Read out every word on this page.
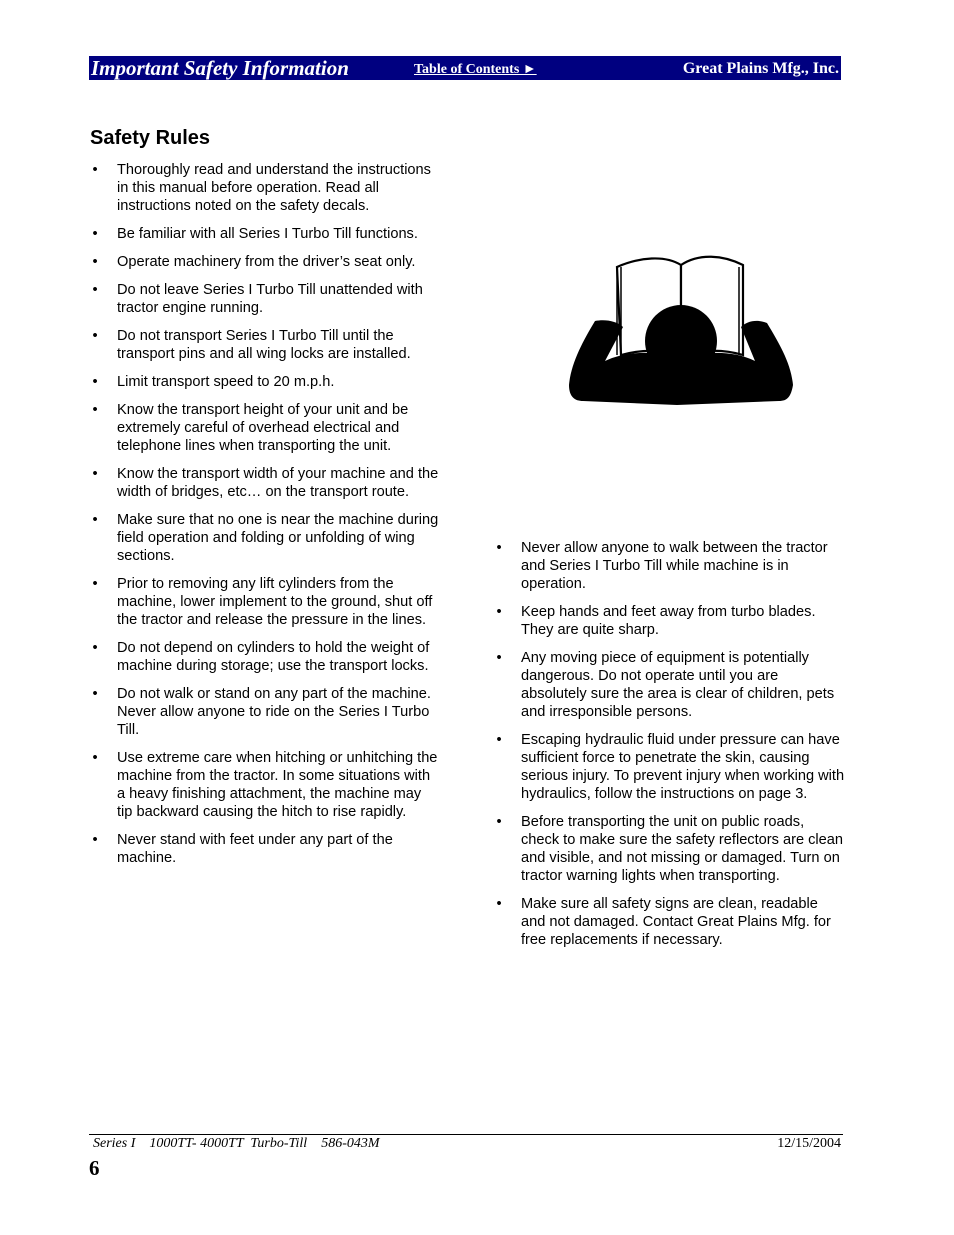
Important Safety Information	Table of Contents ►	Great Plains Mfg., Inc.
Safety Rules
• Thoroughly read and understand the instructions in this manual before operation. Read all instructions noted on the safety decals.
• Be familiar with all Series I Turbo Till functions.
• Operate machinery from the driver’s seat only.
• Do not leave Series I Turbo Till unattended with tractor engine running.
• Do not transport Series I Turbo Till until the transport pins and all wing locks are installed.
• Limit transport speed to 20 m.p.h.
• Know the transport height of your unit and be extremely careful of overhead electrical and telephone lines when transporting the unit.
• Know the transport width of your machine and the width of bridges, etc… on the transport route.
• Make sure that no one is near the machine during field operation and folding or unfolding of wing sections.
• Prior to removing any lift cylinders from the machine, lower implement to the ground, shut off the tractor and release the pressure in the lines.
• Do not depend on cylinders to hold the weight of machine during storage; use the transport locks.
• Do not walk or stand on any part of the machine. Never allow anyone to ride on the Series I Turbo Till.
• Use extreme care when hitching or unhitching the machine from the tractor. In some situations with a heavy finishing attachment, the machine may tip backward causing the hitch to rise rapidly.
• Never stand with feet under any part of the machine.
• Never allow anyone to walk between the tractor and Series I Turbo Till while machine is in operation.
• Keep hands and feet away from turbo blades. They are quite sharp.
• Any moving piece of equipment is potentially dangerous. Do not operate until you are absolutely sure the area is clear of children, pets and irresponsible persons.
• Escaping hydraulic fluid under pressure can have sufficient force to penetrate the skin, causing serious injury. To prevent injury when working with hydraulics, follow the instructions on page 3.
• Before transporting the unit on public roads, check to make sure the safety reflectors are clean and visible, and not missing or damaged. Turn on tractor warning lights when transporting.
• Make sure all safety signs are clean, readable and not damaged. Contact Great Plains Mfg. for free replacements if necessary.
Series I    1000TT- 4000TT  Turbo-Till    586-043M	12/15/2004
6
